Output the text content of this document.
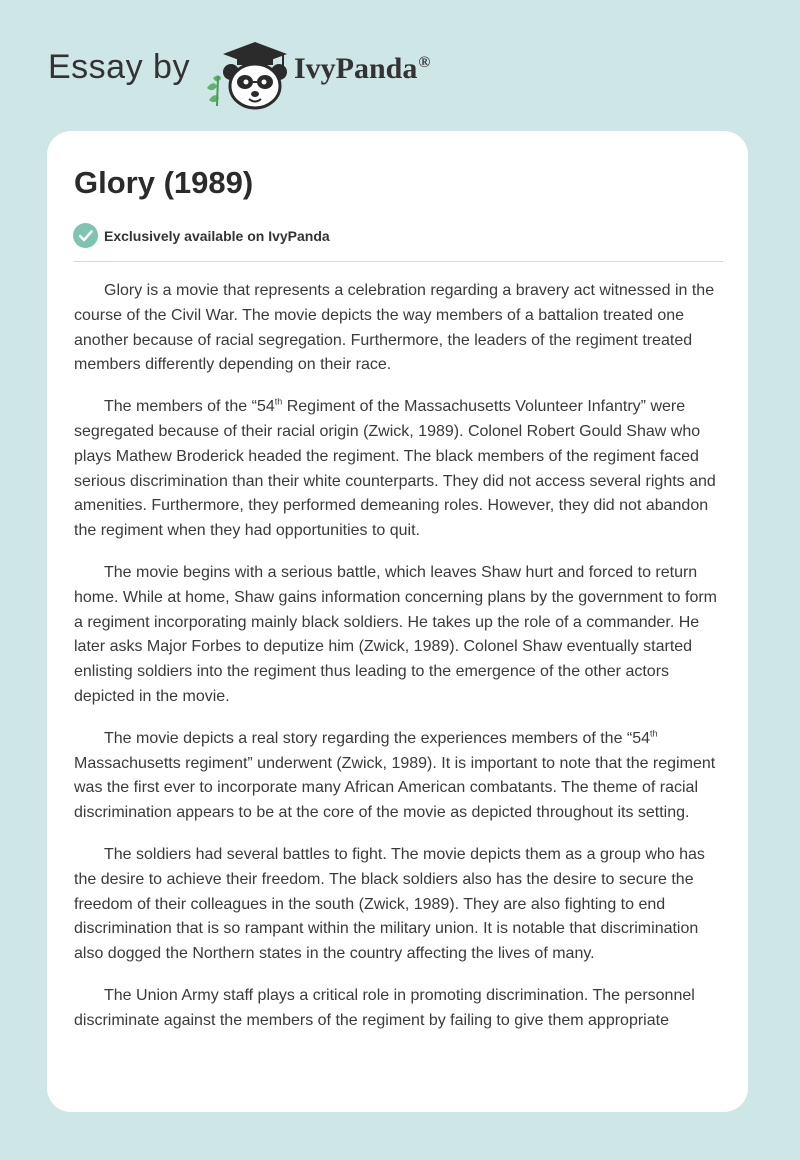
Essay by	IvyPanda®
Glory (1989)
Exclusively available on IvyPanda

Glory is a movie that represents a celebration regarding a bravery act witnessed in the course of the Civil War. The movie depicts the way members of a battalion treated one another because of racial segregation. Furthermore, the leaders of the regiment treated members differently depending on their race.

The members of the “54th Regiment of the Massachusetts Volunteer Infantry” were segregated because of their racial origin (Zwick, 1989). Colonel Robert Gould Shaw who plays Mathew Broderick headed the regiment. The black members of the regiment faced serious discrimination than their white counterparts. They did not access several rights and amenities. Furthermore, they performed demeaning roles. However, they did not abandon the regiment when they had opportunities to quit.

The movie begins with a serious battle, which leaves Shaw hurt and forced to return home. While at home, Shaw gains information concerning plans by the government to form a regiment incorporating mainly black soldiers. He takes up the role of a commander. He later asks Major Forbes to deputize him (Zwick, 1989). Colonel Shaw eventually started enlisting soldiers into the regiment thus leading to the emergence of the other actors depicted in the movie.

The movie depicts a real story regarding the experiences members of the “54th Massachusetts regiment” underwent (Zwick, 1989). It is important to note that the regiment was the first ever to incorporate many African American combatants. The theme of racial discrimination appears to be at the core of the movie as depicted throughout its setting.

The soldiers had several battles to fight. The movie depicts them as a group who has the desire to achieve their freedom. The black soldiers also has the desire to secure the freedom of their colleagues in the south (Zwick, 1989). They are also fighting to end discrimination that is so rampant within the military union. It is notable that discrimination also dogged the Northern states in the country affecting the lives of many.

The Union Army staff plays a critical role in promoting discrimination. The personnel discriminate against the members of the regiment by failing to give them appropriate
